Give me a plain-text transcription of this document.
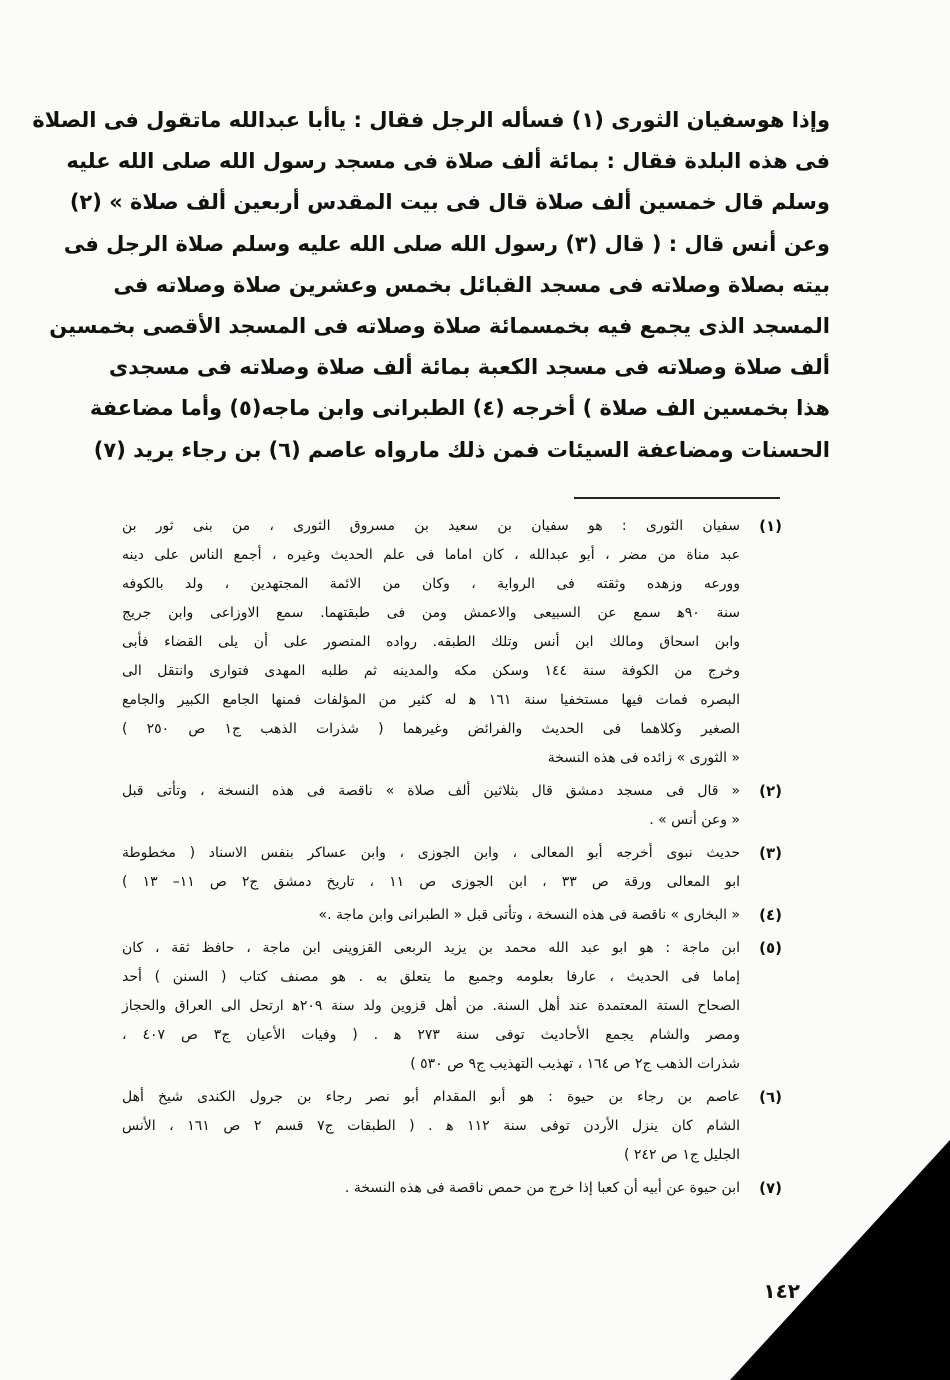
وإذا هوسفيان الثورى (١) فسأله الرجل فقال : ياأبا عبدالله ماتقول فى الصلاة
فى هذه البلدة فقال : بمائة ألف صلاة فى مسجد رسول الله صلى الله عليه
وسلم قال خمسين ألف صلاة قال فى بيت المقدس أربعين ألف صلاة » (٢)
وعن أنس قال : ( قال (٣) رسول الله صلى الله عليه وسلم صلاة الرجل فى
بيته بصلاة وصلاته فى مسجد القبائل بخمس وعشرين صلاة وصلاته فى
المسجد الذى يجمع فيه بخمسمائة صلاة وصلاته فى المسجد الأقصى بخمسين
ألف صلاة وصلاته فى مسجد الكعبة بمائة ألف صلاة وصلاته فى مسجدى
هذا بخمسين الف صلاة ) أخرجه (٤) الطبرانى وابن ماجه(٥) وأما مضاعفة
الحسنات ومضاعفة السيئات فمن ذلك مارواه عاصم (٦) بن رجاء يريد (٧)
(١)
سفيان الثورى : هو سفيان بن سعيد بن مسروق الثورى ، من بنى ثور بن
عبد مناة من مضر ، أبو عبدالله ، كان اماما فى علم الحديث وغيره ، أجمع الناس على دينه
وورعه وزهده وثقته فى الرواية ، وكان من الائمة المجتهدين ، ولد بالكوفه
سنة ٩٠ﻫ سمع عن السبيعى والاعمش ومن فى طبقتهما. سمع الاوزاعى وابن جريج
وابن اسحاق ومالك ابن أنس وتلك الطبقه. رواده المنصور على أن يلى القضاء فأبى
وخرج من الكوفة سنة ١٤٤ وسكن مكه والمدينه ثم طلبه المهدى فتوارى وانتقل الى
البصره فمات فيها مستخفيا سنة ١٦١ ﻫ له كثير من المؤلفات فمنها الجامع الكبير والجامع
الصغير وكلاهما فى الحديث والفرائض وغيرهما ( شذرات الذهب ج١ ص ٢٥٠ )
« الثورى » زائده فى هذه النسخة
(٢)
« قال فى مسجد دمشق قال بثلاثين ألف صلاة » ناقصة فى هذه النسخة ، وتأتى قبل
« وعن أنس » .
(٣)
حديث نبوى أخرجه أبو المعالى ، وابن الجوزى ، وابن عساكر بنفس الاسناد ( مخطوطة
ابو المعالى ورقة ص ٣٣ ، ابن الجوزى ص ١١ ، تاريخ دمشق ج٢ ص ١١– ١٣ )
(٤)
« البخارى » ناقصة فى هذه النسخة ، وتأتى قبل « الطبرانى وابن ماجة .»
(٥)
ابن ماجة : هو ابو عبد الله محمد بن يزيد الربعى القزوينى ابن ماجة ، حافظ ثقة ، كان
إماما فى الحديث ، عارفا بعلومه وجميع ما يتعلق به . هو مصنف كتاب ( السنن ) أحد
الصحاح الستة المعتمدة عند أهل السنة. من أهل قزوين ولد سنة ٢٠٩ﻫ ارتحل الى العراق والحجاز
ومصر والشام يجمع الأحاديث توفى سنة ٢٧٣ ﻫ . ( وفيات الأعيان ج٣ ص ٤٠٧ ،
شذرات الذهب ج٢ ص ١٦٤ ، تهذيب التهذيب ج٩ ص ٥٣٠ )
(٦)
عاصم بن رجاء بن حيوة : هو أبو المقدام أبو نصر رجاء بن جرول الكندى شيخ أهل
الشام كان ينزل الأردن توفى سنة ١١٢ ﻫ . ( الطبقات ج٧ قسم ٢ ص ١٦١ ، الأنس
الجليل ج١ ص ٢٤٢ )
(٧)
ابن حيوة عن أبيه أن كعبا إذا خرج من حمص ناقصة فى هذه النسخة .
١٤٢
